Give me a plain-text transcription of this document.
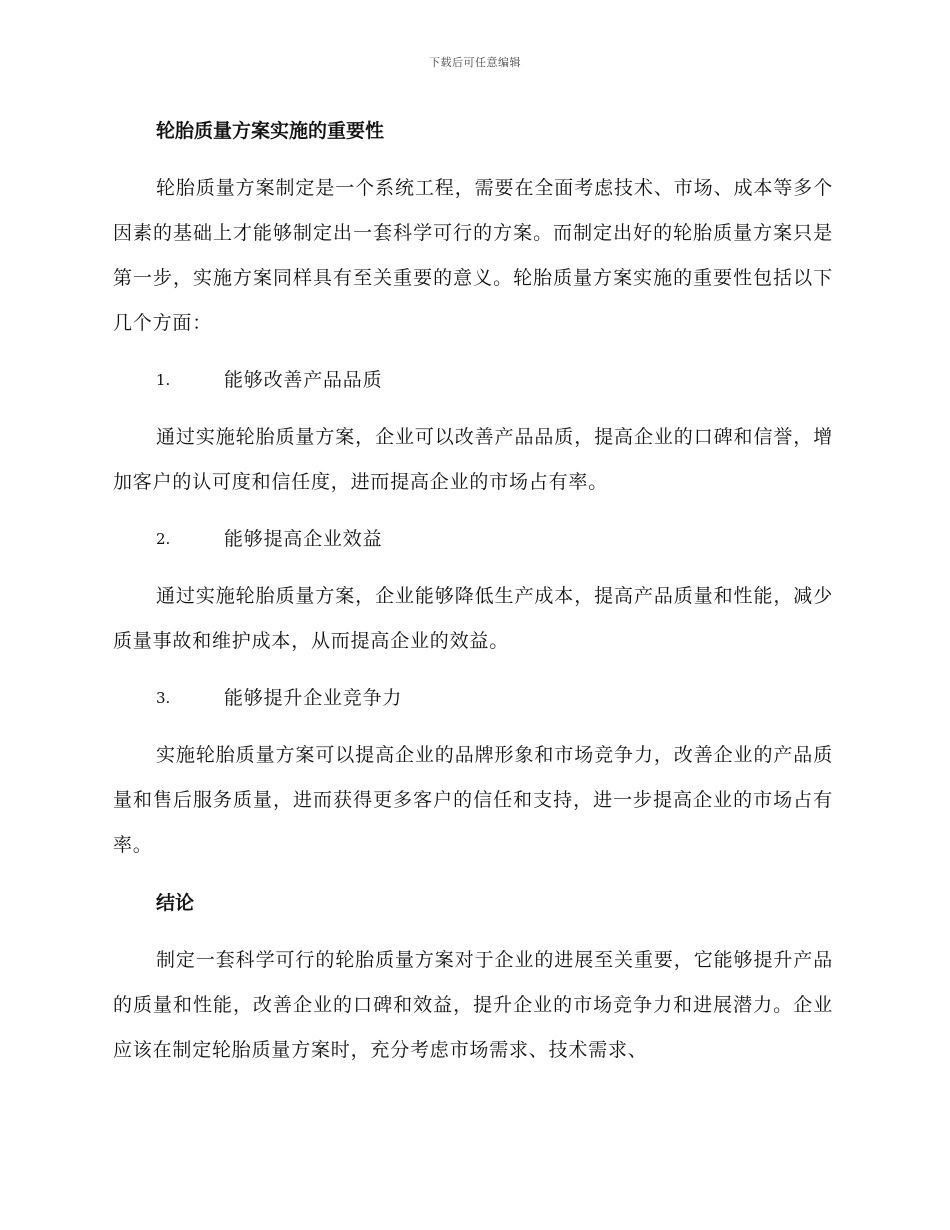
下载后可任意编辑
轮胎质量方案实施的重要性

轮胎质量方案制定是一个系统工程，需要在全面考虑技术、市场、成本等多个因素的基础上才能够制定出一套科学可行的方案。而制定出好的轮胎质量方案只是第一步，实施方案同样具有至关重要的意义。轮胎质量方案实施的重要性包括以下几个方面：

1.	能够改善产品品质

通过实施轮胎质量方案，企业可以改善产品品质，提高企业的口碑和信誉，增加客户的认可度和信任度，进而提高企业的市场占有率。

2.	能够提高企业效益

通过实施轮胎质量方案，企业能够降低生产成本，提高产品质量和性能，减少质量事故和维护成本，从而提高企业的效益。

3.	能够提升企业竞争力

实施轮胎质量方案可以提高企业的品牌形象和市场竞争力，改善企业的产品质量和售后服务质量，进而获得更多客户的信任和支持，进一步提高企业的市场占有率。

结论

制定一套科学可行的轮胎质量方案对于企业的进展至关重要，它能够提升产品的质量和性能，改善企业的口碑和效益，提升企业的市场竞争力和进展潜力。企业应该在制定轮胎质量方案时，充分考虑市场需求、技术需求、
